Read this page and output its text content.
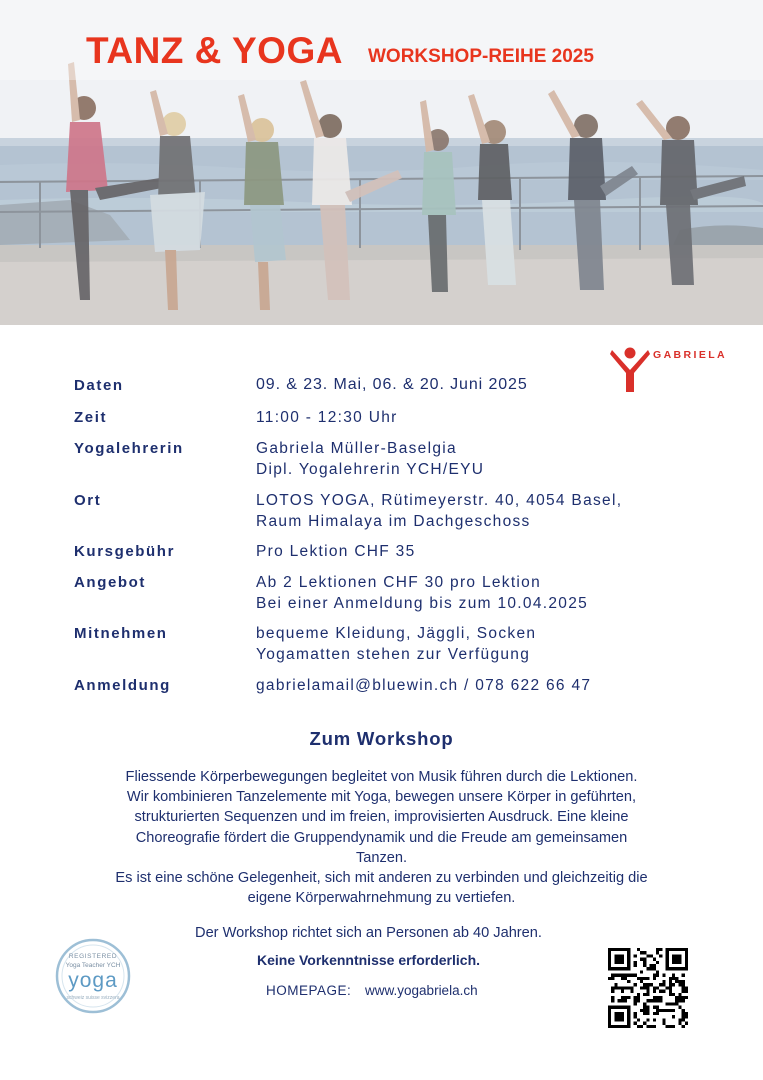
TANZ & YOGA WORKSHOP-REIHE 2025
GABRIELA
Daten	09. & 23. Mai, 06. & 20. Juni 2025
Zeit	11:00 - 12:30 Uhr
Yogalehrerin	Gabriela Müller-Baselgia
Dipl. Yogalehrerin YCH/EYU
Ort	LOTOS YOGA, Rütimeyerstr. 40, 4054 Basel,
Raum Himalaya im Dachgeschoss
Kursgebühr	Pro Lektion CHF 35
Angebot	Ab 2 Lektionen CHF 30 pro Lektion
Bei einer Anmeldung bis zum 10.04.2025
Mitnehmen	bequeme Kleidung, Jäggli, Socken
Yogamatten stehen zur Verfügung
Anmeldung	gabrielamail@bluewin.ch / 078 622 66 47
Zum Workshop
Fliessende Körperbewegungen begleitet von Musik führen durch die Lektionen.
Wir kombinieren Tanzelemente mit Yoga, bewegen unsere Körper in geführten,
strukturierten Sequenzen und im freien, improvisierten Ausdruck. Eine kleine
Choreografie fördert die Gruppendynamik und die Freude am gemeinsamen
Tanzen.
Es ist eine schöne Gelegenheit, sich mit anderen zu verbinden und gleichzeitig die
eigene Körperwahrnehmung zu vertiefen.
Der Workshop richtet sich an Personen ab 40 Jahren.
Keine Vorkenntnisse erforderlich.
HOMEPAGE: www.yogabriela.ch
REGISTERED
Yoga Teacher YCH
yoga
schweiz suisse svizzera
